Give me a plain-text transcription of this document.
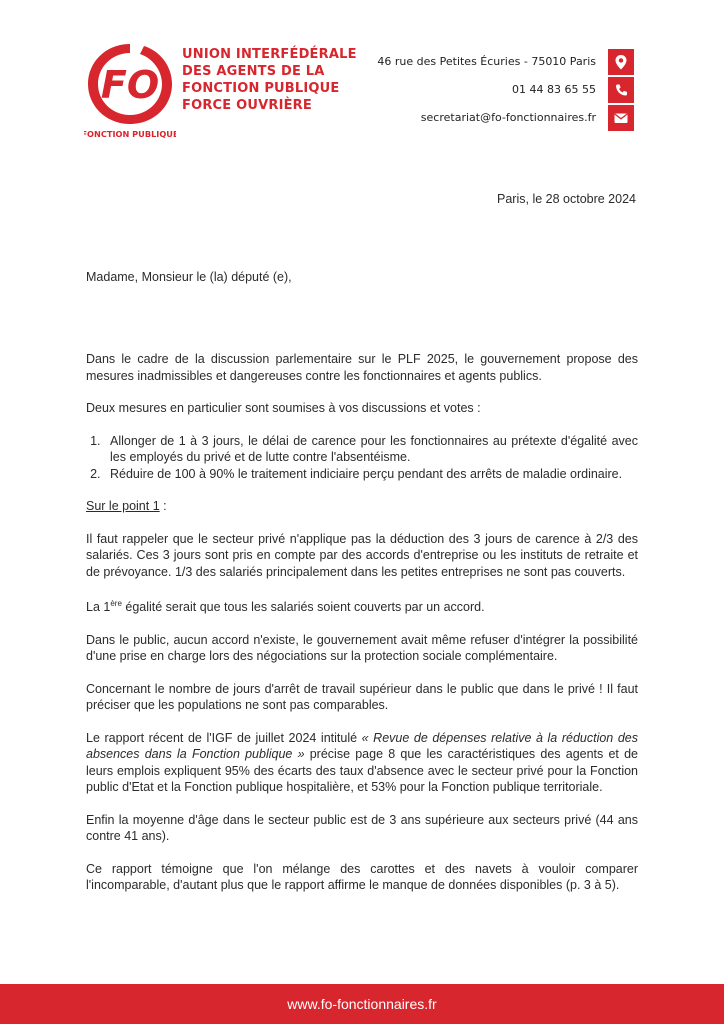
FO
FONCTION PUBLIQUE
UNION INTERFÉDÉRALE
DES AGENTS DE LA
FONCTION PUBLIQUE
FORCE OUVRIÈRE
46 rue des Petites Écuries - 75010 Paris
01 44 83 65 55
secretariat@fo-fonctionnaires.fr
Paris, le 28 octobre 2024

Madame, Monsieur le (la) député (e),

Dans le cadre de la discussion parlementaire sur le PLF 2025, le gouvernement propose des mesures inadmissibles et dangereuses contre les fonctionnaires et agents publics.

Deux mesures en particulier sont soumises à vos discussions et votes :

1. Allonger de 1 à 3 jours, le délai de carence pour les fonctionnaires au prétexte d'égalité avec les employés du privé et de lutte contre l'absentéisme.
2. Réduire de 100 à 90% le traitement indiciaire perçu pendant des arrêts de maladie ordinaire.

Sur le point 1 :

Il faut rappeler que le secteur privé n'applique pas la déduction des 3 jours de carence à 2/3 des salariés. Ces 3 jours sont pris en compte par des accords d'entreprise ou les instituts de retraite et de prévoyance. 1/3 des salariés principalement dans les petites entreprises ne sont pas couverts.

La 1ère égalité serait que tous les salariés soient couverts par un accord.

Dans le public, aucun accord n'existe, le gouvernement avait même refuser d'intégrer la possibilité d'une prise en charge lors des négociations sur la protection sociale complémentaire.

Concernant le nombre de jours d'arrêt de travail supérieur dans le public que dans le privé ! Il faut préciser que les populations ne sont pas comparables.

Le rapport récent de l'IGF de juillet 2024 intitulé « Revue de dépenses relative à la réduction des absences dans la Fonction publique » précise page 8 que les caractéristiques des agents et de leurs emplois expliquent 95% des écarts des taux d'absence avec le secteur privé pour la Fonction public d'Etat et la Fonction publique hospitalière, et 53% pour la Fonction publique territoriale.

Enfin la moyenne d'âge dans le secteur public est de 3 ans supérieure aux secteurs privé (44 ans contre 41 ans).

Ce rapport témoigne que l'on mélange des carottes et des navets à vouloir comparer l'incomparable, d'autant plus que le rapport affirme le manque de données disponibles (p. 3 à 5).

www.fo-fonctionnaires.fr
